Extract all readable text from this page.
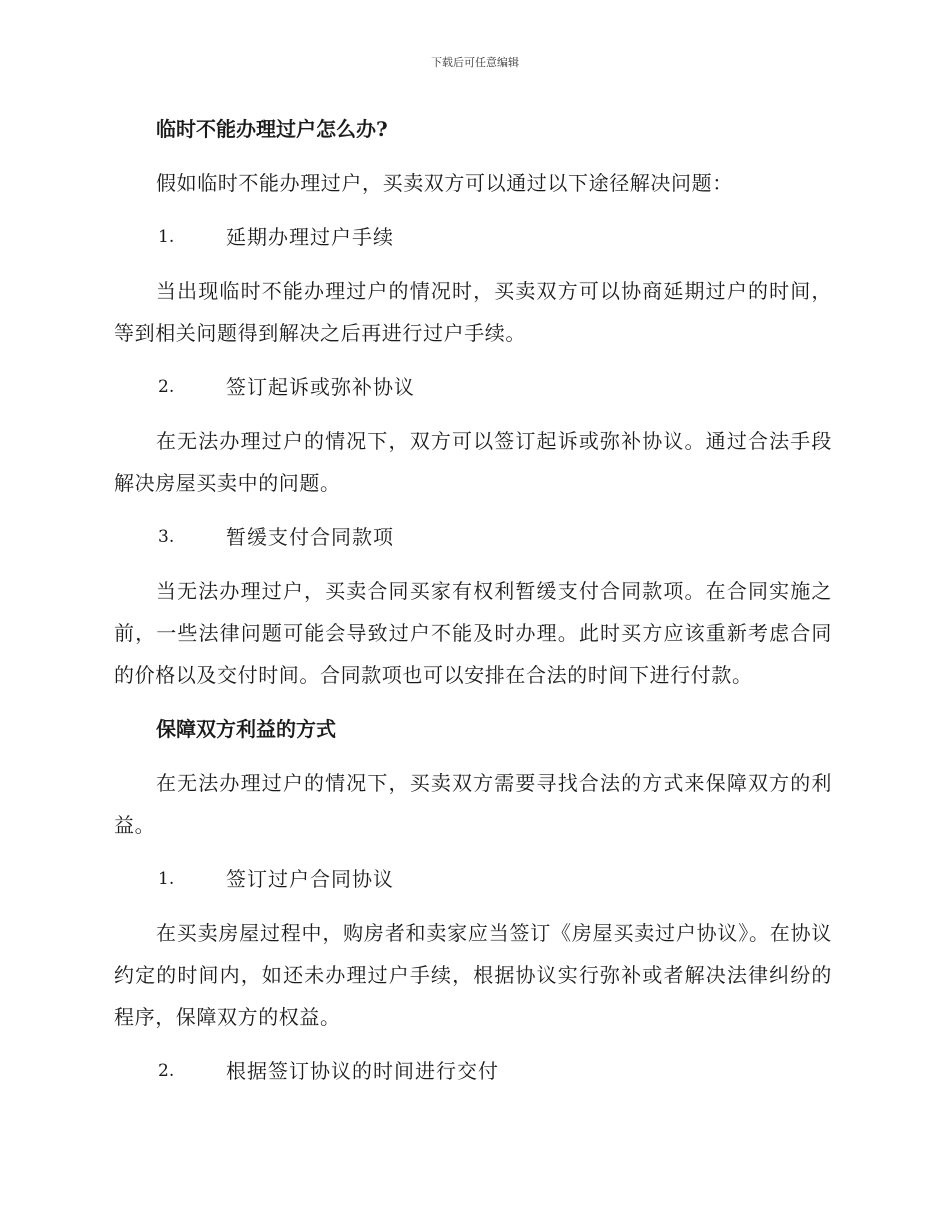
下载后可任意编辑
临时不能办理过户怎么办?

假如临时不能办理过户，买卖双方可以通过以下途径解决问题：

1.	延期办理过户手续

当出现临时不能办理过户的情况时，买卖双方可以协商延期过户的时间，等到相关问题得到解决之后再进行过户手续。

2.	签订起诉或弥补协议

在无法办理过户的情况下，双方可以签订起诉或弥补协议。通过合法手段解决房屋买卖中的问题。

3.	暂缓支付合同款项

当无法办理过户，买卖合同买家有权利暂缓支付合同款项。在合同实施之前，一些法律问题可能会导致过户不能及时办理。此时买方应该重新考虑合同的价格以及交付时间。合同款项也可以安排在合法的时间下进行付款。

保障双方利益的方式

在无法办理过户的情况下，买卖双方需要寻找合法的方式来保障双方的利益。

1.	签订过户合同协议

在买卖房屋过程中，购房者和卖家应当签订《房屋买卖过户协议》。在协议约定的时间内，如还未办理过户手续，根据协议实行弥补或者解决法律纠纷的程序，保障双方的权益。

2.	根据签订协议的时间进行交付
